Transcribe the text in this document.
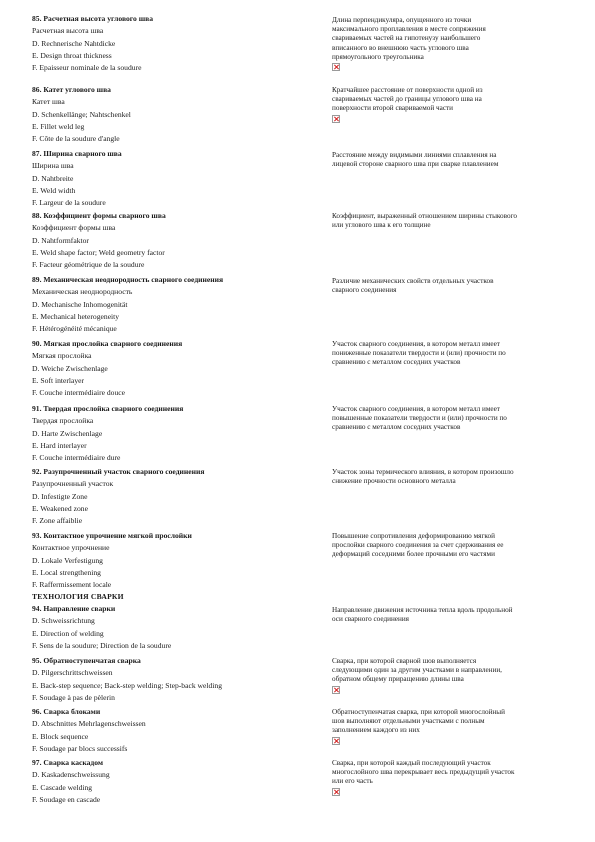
85. Расчетная высота углового шва
Расчетная высота шва
D. Rechnerische Nahtdicke
E. Design throat thickness
F. Epaisseur nominale de la soudure
Длина перпендикуляра, опущенного из точки
максимального проплавления в месте сопряжения
свариваемых частей на гипотенузу наибольшего
вписанного во внешнюю часть углового шва
прямоугольного треугольника
86. Катет углового шва
Катет шва
D. Schenkellänge; Nahtschenkel
E. Fillet weld leg
F. Côte de la soudure d'angle
Кратчайшее расстояние от поверхности одной из
свариваемых частей до границы углового шва на
поверхности второй свариваемой части
87. Ширина сварного шва
Ширина шва
D. Nahtbreite
E. Weld width
F. Largeur de la soudure
Расстояние между видимыми линиями сплавления на
лицевой стороне сварного шва при сварке плавлением
88. Коэффициент формы сварного шва
Коэффициент формы шва
D. Nahtformfaktor
E. Weld shape factor; Weld geometry factor
F. Facteur géométrique de la soudure
Коэффициент, выраженный отношением ширины стыкового
или углового шва к его толщине
89. Механическая неоднородность сварного соединения
Механическая неоднородность
D. Mechanische Inhomogenität
E. Mechanical heterogeneity
F. Hétérogénéité mécanique
Различие механических свойств отдельных участков
сварного соединения
90. Мягкая прослойка сварного соединения
Мягкая прослойка
D. Weiche Zwischenlage
E. Soft interlayer
F. Couche intermédiaire douce
Участок сварного соединения, в котором металл имеет
пониженные показатели твердости и (или) прочности по
сравнению с металлом соседних участков
91. Твердая прослойка сварного соединения
Твердая прослойка
D. Harte Zwischenlage
E. Hard interlayer
F. Couche intermédiaire dure
Участок сварного соединения, в котором металл имеет
повышенные показатели твердости и (или) прочности по
сравнению с металлом соседних участков
92. Разупрочненный участок сварного соединения
Разупрочненный участок
D. Infestigte Zone
E. Weakened zone
F. Zone affaiblie
Участок зоны термического влияния, в котором произошло
снижение прочности основного металла
93. Контактное упрочнение мягкой прослойки
Контактное упрочнение
D. Lokale Verfestigung
E. Local strengthening
F. Raffermissement locale
Повышение сопротивления деформированию мягкой
прослойки сварного соединения за счет сдерживания ее
деформаций соседними более прочными его частями
ТЕХНОЛОГИЯ СВАРКИ
94. Направление сварки
D. Schweissrichtung
E. Direction of welding
F. Sens de la soudure; Direction de la soudure
Направление движения источника тепла вдоль продольной
оси сварного соединения
95. Обратноступенчатая сварка
D. Pilgerschrittschweissen
E. Back-step sequence; Back-step welding; Step-back welding
F. Soudage à pas de pèlerin
Сварка, при которой сварной шов выполняется
следующими один за другим участками в направлении,
обратном общему приращению длины шва
96. Сварка блоками
D. Abschnittes Mehrlagenschweissen
E. Block sequence
F. Soudage par blocs successifs
Обратноступенчатая сварка, при которой многослойный
шов выполняют отдельными участками с полным
заполнением каждого из них
97. Сварка каскадом
D. Kaskadenschweissung
E. Cascade welding
F. Soudage en cascade
Сварка, при которой каждый последующий участок
многослойного шва перекрывает весь предыдущий участок
или его часть
